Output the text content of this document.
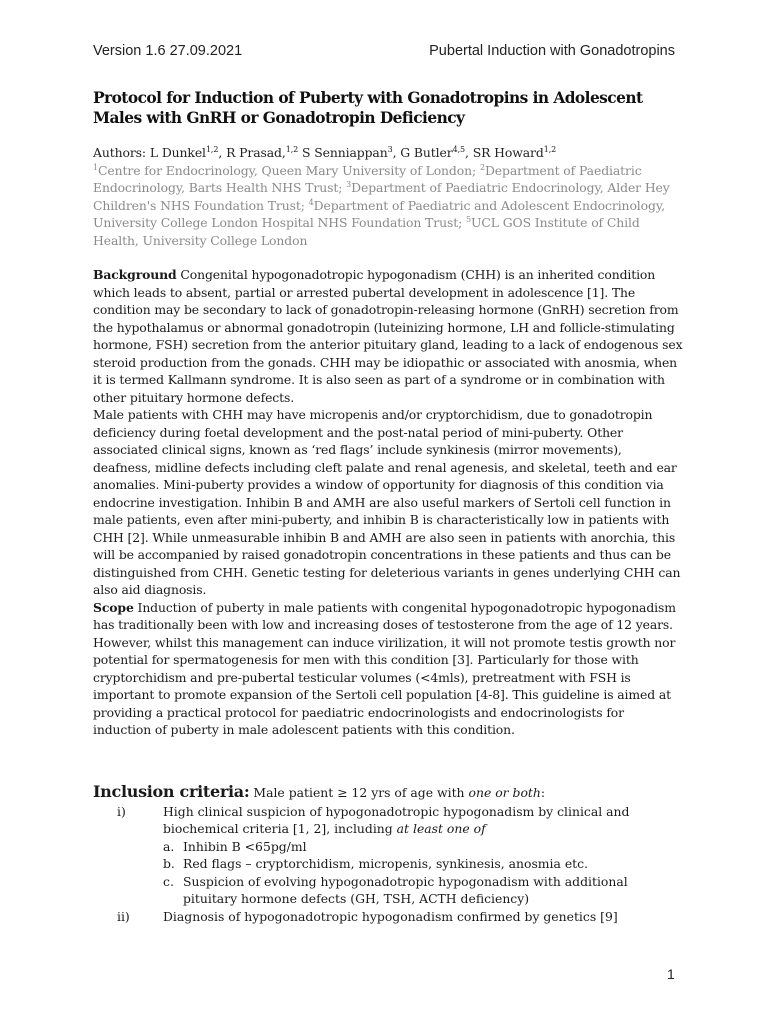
Version 1.6 27.09.2021	Pubertal Induction with Gonadotropins
Protocol for Induction of Puberty with Gonadotropins in Adolescent Males with GnRH or Gonadotropin Deficiency
Authors: L Dunkel$^{1,2}$, R Prasad,$^{1,2}$ S Senniappan$^3$, G Butler$^{4,5}$, SR Howard$^{1,2}$
$^1$Centre for Endocrinology, Queen Mary University of London; $^2$Department of Paediatric Endocrinology, Barts Health NHS Trust; $^3$Department of Paediatric Endocrinology, Alder Hey Children's NHS Foundation Trust; $^4$Department of Paediatric and Adolescent Endocrinology, University College London Hospital NHS Foundation Trust; $^5$UCL GOS Institute of Child Health, University College London

Background Congenital hypogonadotropic hypogonadism (CHH) is an inherited condition which leads to absent, partial or arrested pubertal development in adolescence [1]. The condition may be secondary to lack of gonadotropin-releasing hormone (GnRH) secretion from the hypothalamus or abnormal gonadotropin (luteinizing hormone, LH and follicle-stimulating hormone, FSH) secretion from the anterior pituitary gland, leading to a lack of endogenous sex steroid production from the gonads. CHH may be idiopathic or associated with anosmia, when it is termed Kallmann syndrome. It is also seen as part of a syndrome or in combination with other pituitary hormone defects.

Male patients with CHH may have micropenis and/or cryptorchidism, due to gonadotropin deficiency during foetal development and the post-natal period of mini-puberty. Other associated clinical signs, known as ‘red flags’ include synkinesis (mirror movements), deafness, midline defects including cleft palate and renal agenesis, and skeletal, teeth and ear anomalies. Mini-puberty provides a window of opportunity for diagnosis of this condition via endocrine investigation. Inhibin B and AMH are also useful markers of Sertoli cell function in male patients, even after mini-puberty, and inhibin B is characteristically low in patients with CHH [2]. While unmeasurable inhibin B and AMH are also seen in patients with anorchia, this will be accompanied by raised gonadotropin concentrations in these patients and thus can be distinguished from CHH. Genetic testing for deleterious variants in genes underlying CHH can also aid diagnosis.

Scope Induction of puberty in male patients with congenital hypogonadotropic hypogonadism has traditionally been with low and increasing doses of testosterone from the age of 12 years. However, whilst this management can induce virilization, it will not promote testis growth nor potential for spermatogenesis for men with this condition [3]. Particularly for those with cryptorchidism and pre-pubertal testicular volumes (<4mls), pretreatment with FSH is important to promote expansion of the Sertoli cell population [4-8]. This guideline is aimed at providing a practical protocol for paediatric endocrinologists and endocrinologists for induction of puberty in male adolescent patients with this condition.

Inclusion criteria: Male patient ≥ 12 yrs of age with one or both:
i)	High clinical suspicion of hypogonadotropic hypogonadism by clinical and biochemical criteria [1, 2], including at least one of
a. Inhibin B <65pg/ml
b. Red flags – cryptorchidism, micropenis, synkinesis, anosmia etc.
c. Suspicion of evolving hypogonadotropic hypogonadism with additional pituitary hormone defects (GH, TSH, ACTH deficiency)
ii)	Diagnosis of hypogonadotropic hypogonadism confirmed by genetics [9]
1
